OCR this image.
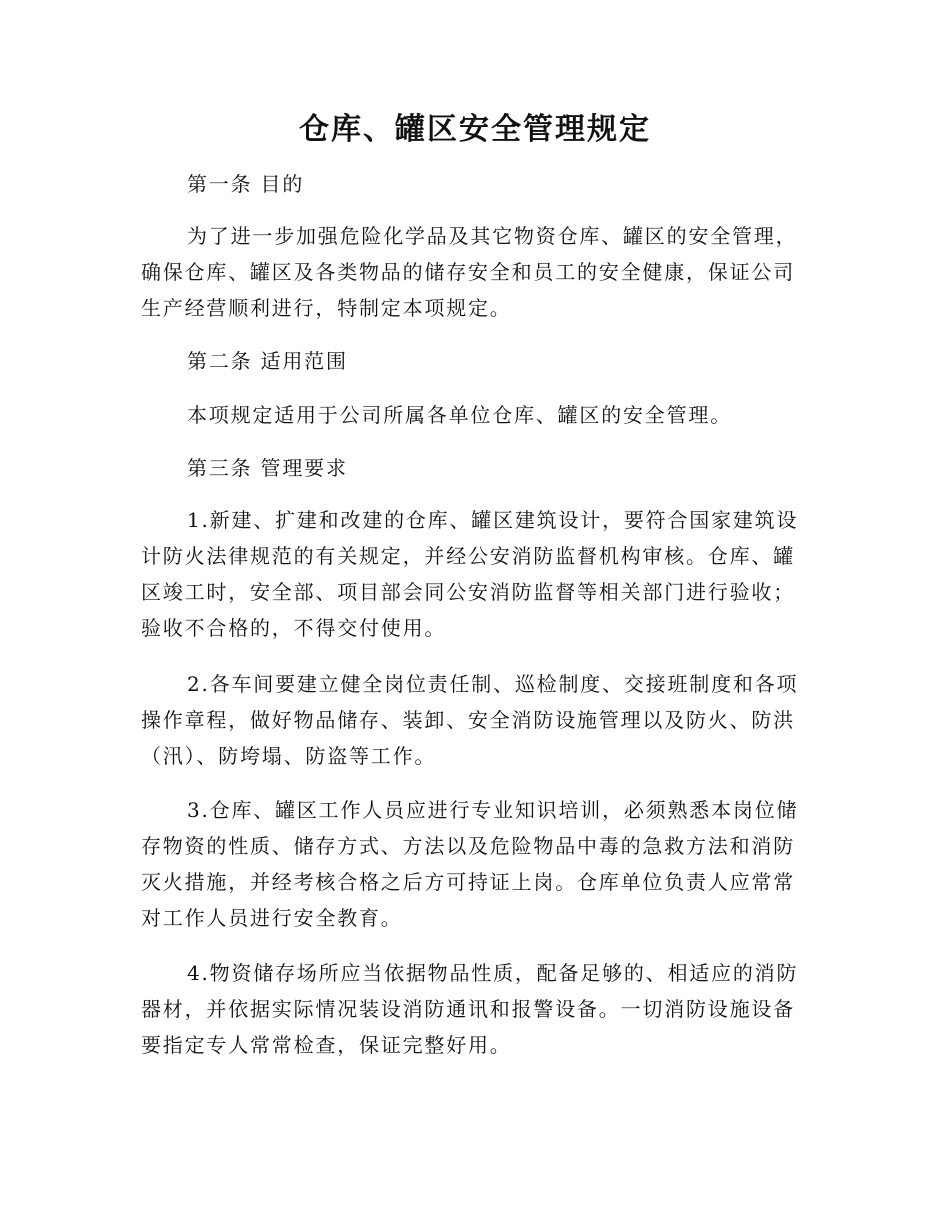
仓库、罐区安全管理规定
第一条 目的
为了进一步加强危险化学品及其它物资仓库、罐区的安全管理，
确保仓库、罐区及各类物品的储存安全和员工的安全健康，保证公司
生产经营顺利进行，特制定本项规定。
第二条 适用范围
本项规定适用于公司所属各单位仓库、罐区的安全管理。
第三条 管理要求
1.新建、扩建和改建的仓库、罐区建筑设计，要符合国家建筑设
计防火法律规范的有关规定，并经公安消防监督机构审核。仓库、罐
区竣工时，安全部、项目部会同公安消防监督等相关部门进行验收；
验收不合格的，不得交付使用。
2.各车间要建立健全岗位责任制、巡检制度、交接班制度和各项
操作章程，做好物品储存、装卸、安全消防设施管理以及防火、防洪
（汛）、防垮塌、防盗等工作。
3.仓库、罐区工作人员应进行专业知识培训，必须熟悉本岗位储
存物资的性质、储存方式、方法以及危险物品中毒的急救方法和消防
灭火措施，并经考核合格之后方可持证上岗。仓库单位负责人应常常
对工作人员进行安全教育。
4.物资储存场所应当依据物品性质，配备足够的、相适应的消防
器材，并依据实际情况装设消防通讯和报警设备。一切消防设施设备
要指定专人常常检查，保证完整好用。
